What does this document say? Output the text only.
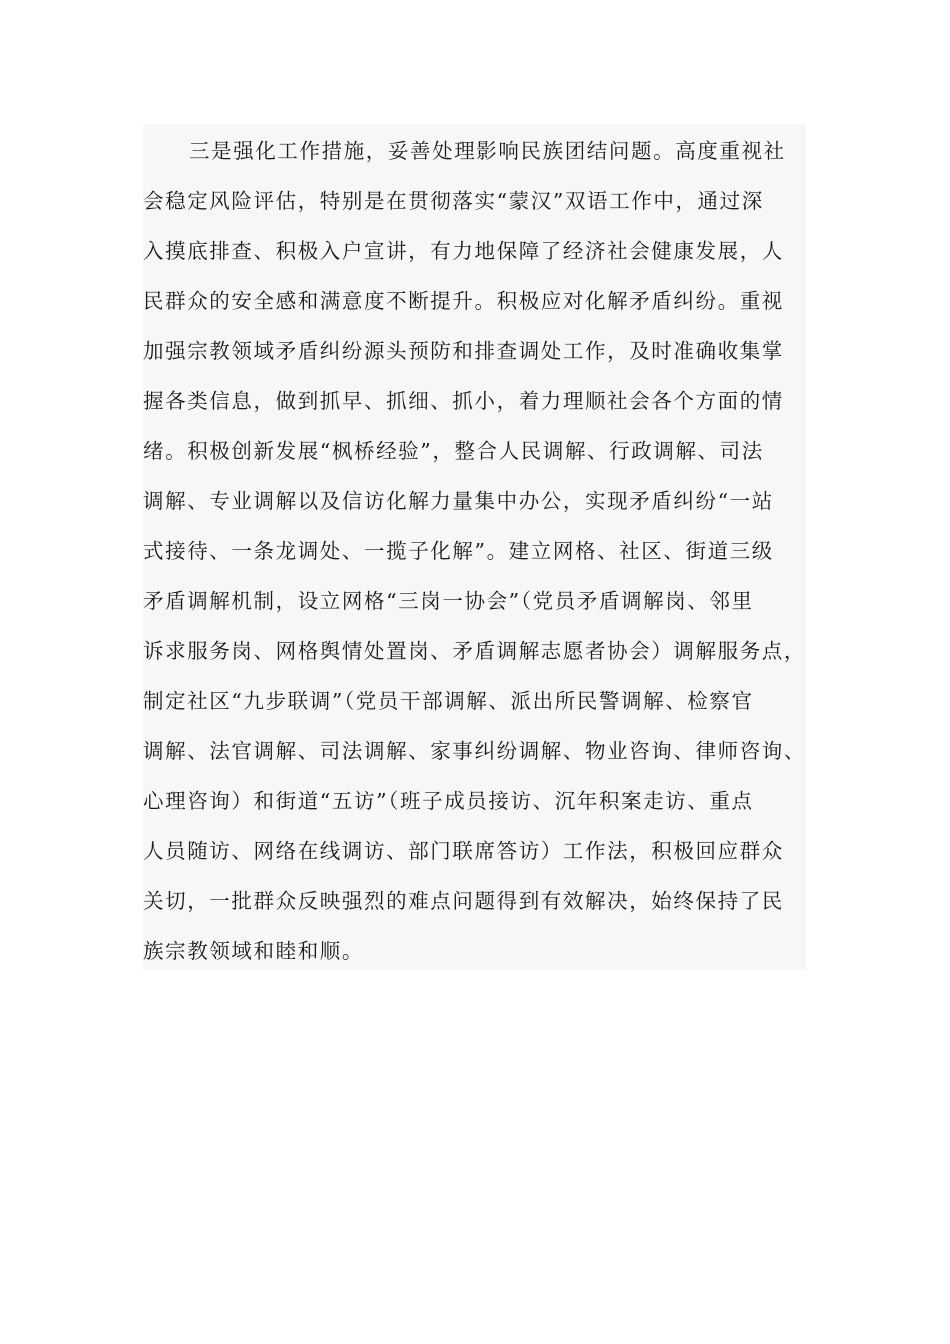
三是强化工作措施，妥善处理影响民族团结问题。高度重视社
会稳定风险评估，特别是在贯彻落实“蒙汉”双语工作中，通过深
入摸底排查、积极入户宣讲，有力地保障了经济社会健康发展，人
民群众的安全感和满意度不断提升。积极应对化解矛盾纠纷。重视
加强宗教领域矛盾纠纷源头预防和排查调处工作，及时准确收集掌
握各类信息，做到抓早、抓细、抓小，着力理顺社会各个方面的情
绪。积极创新发展“枫桥经验”，整合人民调解、行政调解、司法
调解、专业调解以及信访化解力量集中办公，实现矛盾纠纷“一站
式接待、一条龙调处、一揽子化解”。建立网格、社区、街道三级
矛盾调解机制，设立网格“三岗一协会”（党员矛盾调解岗、邻里
诉求服务岗、网格舆情处置岗、矛盾调解志愿者协会）调解服务点，
制定社区“九步联调”（党员干部调解、派出所民警调解、检察官
调解、法官调解、司法调解、家事纠纷调解、物业咨询、律师咨询、
心理咨询）和街道“五访”（班子成员接访、沉年积案走访、重点
人员随访、网络在线调访、部门联席答访）工作法，积极回应群众
关切，一批群众反映强烈的难点问题得到有效解决，始终保持了民
族宗教领域和睦和顺。
